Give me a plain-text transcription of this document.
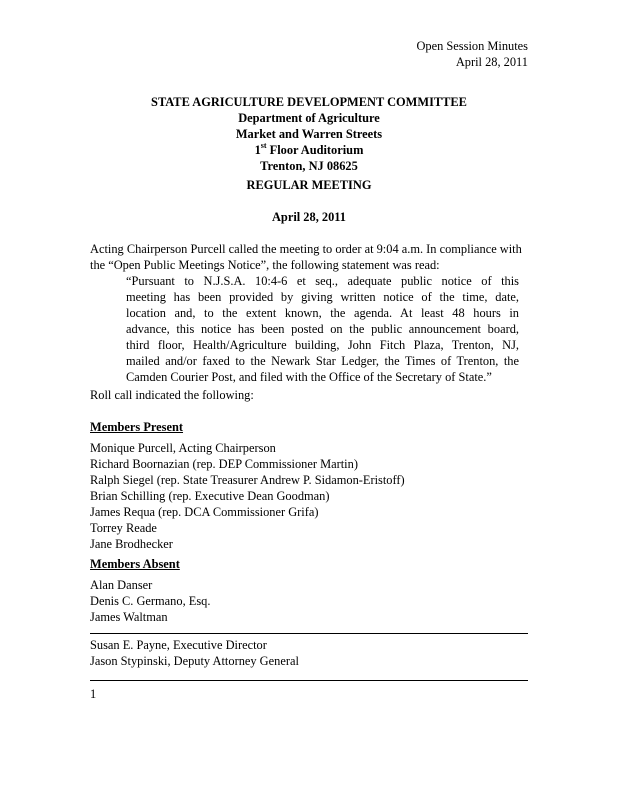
Open Session Minutes
April 28, 2011
STATE AGRICULTURE DEVELOPMENT COMMITTEE
Department of Agriculture
Market and Warren Streets
1st Floor Auditorium
Trenton, NJ 08625
REGULAR MEETING
April 28, 2011
Acting Chairperson Purcell called the meeting to order at 9:04 a.m. In compliance with the “Open Public Meetings Notice”, the following statement was read:
“Pursuant to N.J.S.A. 10:4-6 et seq., adequate public notice of this
meeting has been provided by giving written notice of the time, date,
location and, to the extent known, the agenda. At least 48 hours in
advance, this notice has been posted on the public announcement board,
third floor, Health/Agriculture building, John Fitch Plaza, Trenton, NJ,
mailed and/or faxed to the Newark Star Ledger, the Times of Trenton, the
Camden Courier Post, and filed with the Office of the Secretary of State.”
Roll call indicated the following:
Members Present
Monique Purcell, Acting Chairperson
Richard Boornazian (rep. DEP Commissioner Martin)
Ralph Siegel (rep. State Treasurer Andrew P. Sidamon-Eristoff)
Brian Schilling (rep. Executive Dean Goodman)
James Requa (rep. DCA Commissioner Grifa)
Torrey Reade
Jane Brodhecker
Members Absent
Alan Danser
Denis C. Germano, Esq.
James Waltman
Susan E. Payne, Executive Director
Jason Stypinski, Deputy Attorney General
1
